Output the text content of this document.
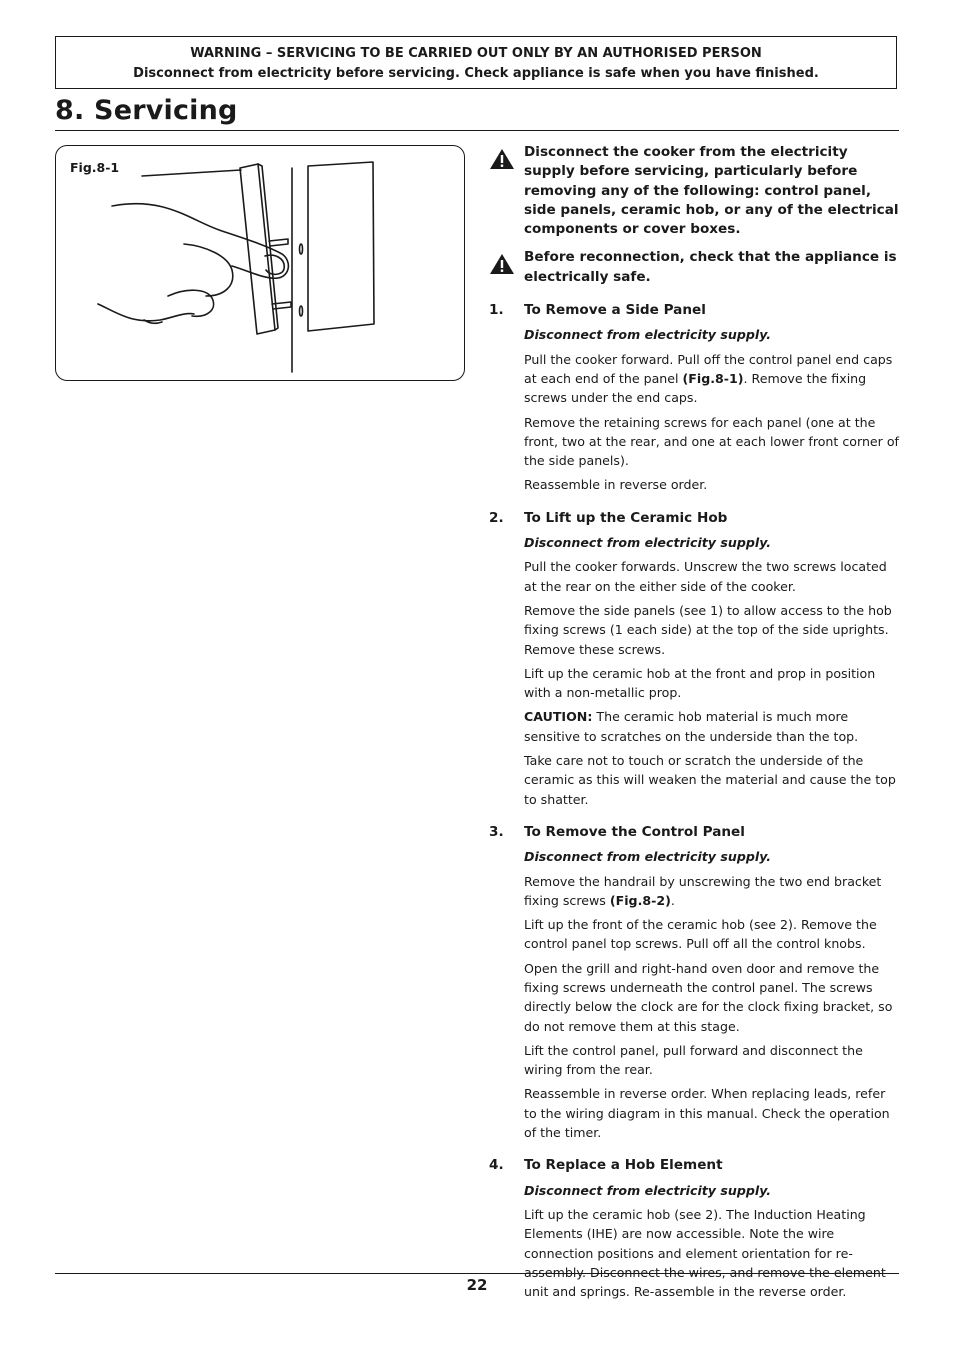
WARNING – SERVICING TO BE CARRIED OUT ONLY BY AN AUTHORISED PERSON
Disconnect from electricity before servicing. Check appliance is safe when you have finished.
8. Servicing
Fig.8-1
Disconnect the cooker from the electricity supply before servicing, particularly before removing any of the following: control panel, side panels, ceramic hob, or any of the electrical components or cover boxes.
Before reconnection, check that the appliance is electrically safe.
1. To Remove a Side Panel
Disconnect from electricity supply.
Pull the cooker forward. Pull off the control panel end caps at each end of the panel (Fig.8-1). Remove the fixing screws under the end caps.
Remove the retaining screws for each panel (one at the front, two at the rear, and one at each lower front corner of the side panels).
Reassemble in reverse order.
2. To Lift up the Ceramic Hob
Disconnect from electricity supply.
Pull the cooker forwards. Unscrew the two screws located at the rear on the either side of the cooker.
Remove the side panels (see 1) to allow access to the hob fixing screws (1 each side) at the top of the side uprights. Remove these screws.
Lift up the ceramic hob at the front and prop in position with a non-metallic prop.
CAUTION: The ceramic hob material is much more sensitive to scratches on the underside than the top.
Take care not to touch or scratch the underside of the ceramic as this will weaken the material and cause the top to shatter.
3. To Remove the Control Panel
Disconnect from electricity supply.
Remove the handrail by unscrewing the two end bracket fixing screws (Fig.8-2).
Lift up the front of the ceramic hob (see 2). Remove the control panel top screws. Pull off all the control knobs.
Open the grill and right-hand oven door and remove the fixing screws underneath the control panel. The screws directly below the clock are for the clock fixing bracket, so do not remove them at this stage.
Lift the control panel, pull forward and disconnect the wiring from the rear.
Reassemble in reverse order. When replacing leads, refer to the wiring diagram in this manual. Check the operation of the timer.
4. To Replace a Hob Element
Disconnect from electricity supply.
Lift up the ceramic hob (see 2). The Induction Heating Elements (IHE) are now accessible. Note the wire connection positions and element orientation for re-assembly. Disconnect the wires, and remove the element unit and springs. Re-assemble in the reverse order.
22
